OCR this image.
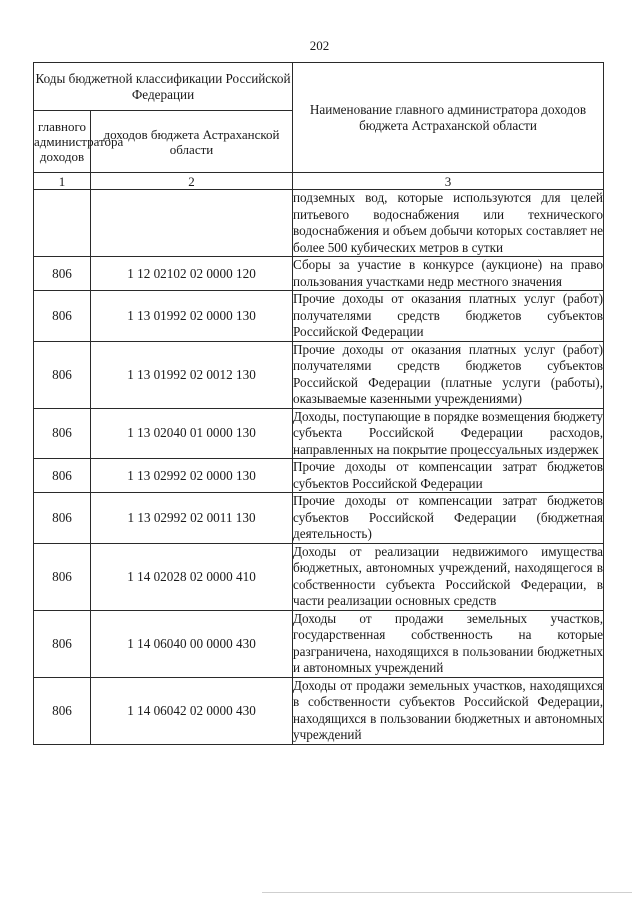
202
Коды бюджетной классификации Российской Федерации		Наименование главного администратора доходов бюджета Астраханской области
главного администратора доходов	доходов бюджета Астраханской области	
1	2	3
		подземных вод, которые используются для целей питьевого водоснабжения или технического водоснабжения и объем добычи которых составляет не более 500 кубических метров в сутки
806	1 12 02102 02 0000 120	Сборы за участие в конкурсе (аукционе) на право пользования участками недр местного значения
806	1 13 01992 02 0000 130	Прочие доходы от оказания платных услуг (работ) получателями средств бюджетов субъектов Российской Федерации
806	1 13 01992 02 0012 130	Прочие доходы от оказания платных услуг (работ) получателями средств бюджетов субъектов Российской Федерации (платные услуги (работы), оказываемые казенными учреждениями)
806	1 13 02040 01 0000 130	Доходы, поступающие в порядке возмещения бюджету субъекта Российской Федерации расходов, направленных на покрытие процессуальных издержек
806	1 13 02992 02 0000 130	Прочие доходы от компенсации затрат бюджетов субъектов Российской Федерации
806	1 13 02992 02 0011 130	Прочие доходы от компенсации затрат бюджетов субъектов Российской Федерации (бюджетная деятельность)
806	1 14 02028 02 0000 410	Доходы от реализации недвижимого имущества бюджетных, автономных учреждений, находящегося в собственности субъекта Российской Федерации, в части реализации основных средств
806	1 14 06040 00 0000 430	Доходы от продажи земельных участков, государственная собственность на которые разграничена, находящихся в пользовании бюджетных и автономных учреждений
806	1 14 06042 02 0000 430	Доходы от продажи земельных участков, находящихся в собственности субъектов Российской Федерации, находящихся в пользовании бюджетных и автономных учреждений
